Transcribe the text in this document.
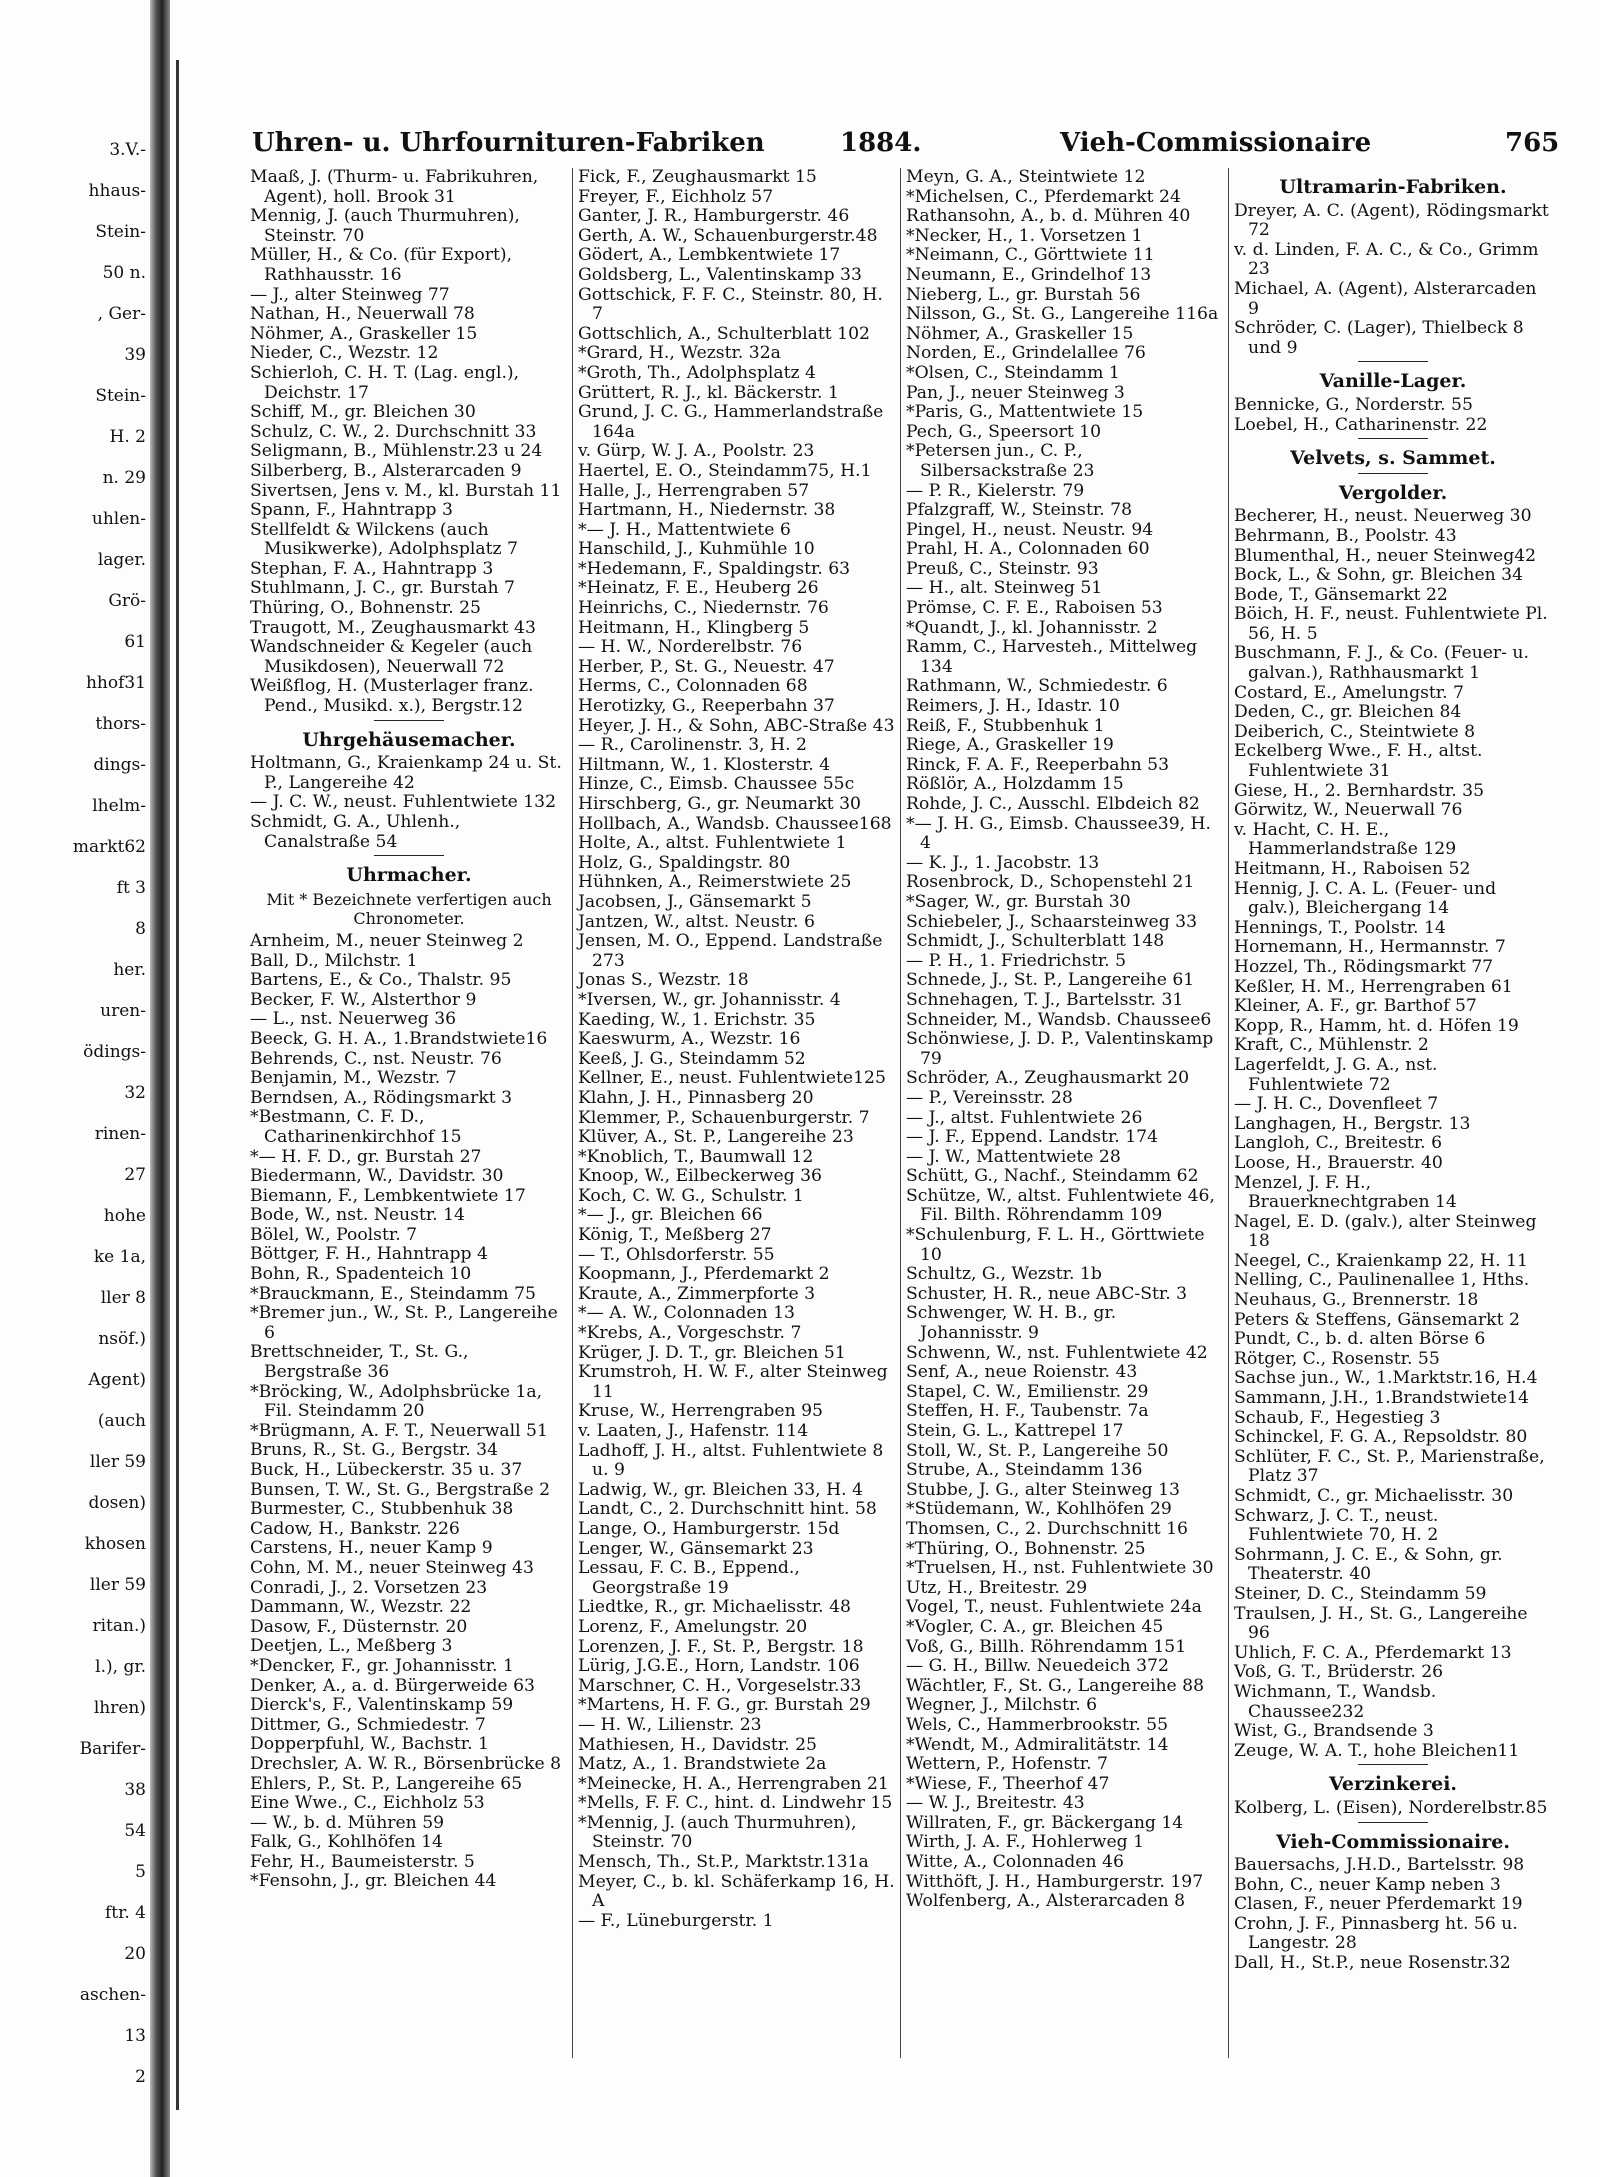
3.V.-
hhaus-
Stein-
50 n.
, Ger-
39
Stein-
H. 2
n. 29
uhlen-
lager.
Grö-
61
hhof31
thors-
dings-
lhelm-
markt62
ft 3
8
her.
uren-
ödings-
32
rinen-
27
hohe
ke 1a,
ller 8
nsöf.)
Agent)
(auch
ller 59
dosen)
khosen
ller 59
ritan.)
l.), gr.
lhren)
Barifer-
38
54
5
ftr. 4
20
aschen-
13
2
Uhren- u. Uhrfournituren-Fabriken	1884.	Vieh-Commissionaire	765
Maaß, J. (Thurm- u. Fabrikuhren, Agent), holl. Brook 31
Mennig, J. (auch Thurmuhren), Steinstr. 70
Müller, H., & Co. (für Export), Rathhausstr. 16
— J., alter Steinweg 77
Nathan, H., Neuerwall 78
Nöhmer, A., Graskeller 15
Nieder, C., Wezstr. 12
Schierloh, C. H. T. (Lag. engl.), Deichstr. 17
Schiff, M., gr. Bleichen 30
Schulz, C. W., 2. Durchschnitt 33
Seligmann, B., Mühlenstr.23 u 24
Silberberg, B., Alsterarcaden 9
Sivertsen, Jens v. M., kl. Burstah 11
Spann, F., Hahntrapp 3
Stellfeldt & Wilckens (auch Musikwerke), Adolphsplatz 7
Stephan, F. A., Hahntrapp 3
Stuhlmann, J. C., gr. Burstah 7
Thüring, O., Bohnenstr. 25
Traugott, M., Zeughausmarkt 43
Wandschneider & Kegeler (auch Musikdosen), Neuerwall 72
Weißflog, H. (Musterlager franz. Pend., Musikd. x.), Bergstr.12
Uhrgehäusemacher.
Holtmann, G., Kraienkamp 24 u. St. P., Langereihe 42
— J. C. W., neust. Fuhlentwiete 132
Schmidt, G. A., Uhlenh., Canalstraße 54
Uhrmacher.
Mit * Bezeichnete verfertigen auch Chronometer.
Arnheim, M., neuer Steinweg 2
Ball, D., Milchstr. 1
Bartens, E., & Co., Thalstr. 95
Becker, F. W., Alsterthor 9
— L., nst. Neuerweg 36
Beeck, G. H. A., 1.Brandstwiete16
Behrends, C., nst. Neustr. 76
Benjamin, M., Wezstr. 7
Berndsen, A., Rödingsmarkt 3
*Bestmann, C. F. D., Catharinenkirchhof 15
*— H. F. D., gr. Burstah 27
Biedermann, W., Davidstr. 30
Biemann, F., Lembkentwiete 17
Bode, W., nst. Neustr. 14
Bölel, W., Poolstr. 7
Böttger, F. H., Hahntrapp 4
Bohn, R., Spadenteich 10
*Brauckmann, E., Steindamm 75
*Bremer jun., W., St. P., Langereihe 6
Brettschneider, T., St. G., Bergstraße 36
*Bröcking, W., Adolphsbrücke 1a, Fil. Steindamm 20
*Brügmann, A. F. T., Neuerwall 51
Bruns, R., St. G., Bergstr. 34
Buck, H., Lübeckerstr. 35 u. 37
Bunsen, T. W., St. G., Bergstraße 2
Burmester, C., Stubbenhuk 38
Cadow, H., Bankstr. 226
Carstens, H., neuer Kamp 9
Cohn, M. M., neuer Steinweg 43
Conradi, J., 2. Vorsetzen 23
Dammann, W., Wezstr. 22
Dasow, F., Düsternstr. 20
Deetjen, L., Meßberg 3
*Dencker, F., gr. Johannisstr. 1
Denker, A., a. d. Bürgerweide 63
Dierck's, F., Valentinskamp 59
Dittmer, G., Schmiedestr. 7
Dopperpfuhl, W., Bachstr. 1
Drechsler, A. W. R., Börsenbrücke 8
Ehlers, P., St. P., Langereihe 65
Eine Wwe., C., Eichholz 53
— W., b. d. Mühren 59
Falk, G., Kohlhöfen 14
Fehr, H., Baumeisterstr. 5
*Fensohn, J., gr. Bleichen 44
Fick, F., Zeughausmarkt 15
Freyer, F., Eichholz 57
Ganter, J. R., Hamburgerstr. 46
Gerth, A. W., Schauenburgerstr.48
Gödert, A., Lembkentwiete 17
Goldsberg, L., Valentinskamp 33
Gottschick, F. F. C., Steinstr. 80, H. 7
Gottschlich, A., Schulterblatt 102
*Grard, H., Wezstr. 32a
*Groth, Th., Adolphsplatz 4
Grüttert, R. J., kl. Bäckerstr. 1
Grund, J. C. G., Hammerlandstraße 164a
v. Gürp, W. J. A., Poolstr. 23
Haertel, E. O., Steindamm75, H.1
Halle, J., Herrengraben 57
Hartmann, H., Niedernstr. 38
*— J. H., Mattentwiete 6
Hanschild, J., Kuhmühle 10
*Hedemann, F., Spaldingstr. 63
*Heinatz, F. E., Heuberg 26
Heinrichs, C., Niedernstr. 76
Heitmann, H., Klingberg 5
— H. W., Norderelbstr. 76
Herber, P., St. G., Neuestr. 47
Herms, C., Colonnaden 68
Herotizky, G., Reeperbahn 37
Heyer, J. H., & Sohn, ABC-Straße 43
— R., Carolinenstr. 3, H. 2
Hiltmann, W., 1. Klosterstr. 4
Hinze, C., Eimsb. Chaussee 55c
Hirschberg, G., gr. Neumarkt 30
Hollbach, A., Wandsb. Chaussee168
Holte, A., altst. Fuhlentwiete 1
Holz, G., Spaldingstr. 80
Hühnken, A., Reimerstwiete 25
Jacobsen, J., Gänsemarkt 5
Jantzen, W., altst. Neustr. 6
Jensen, M. O., Eppend. Landstraße 273
Jonas S., Wezstr. 18
*Iversen, W., gr. Johannisstr. 4
Kaeding, W., 1. Erichstr. 35
Kaeswurm, A., Wezstr. 16
Keeß, J. G., Steindamm 52
Kellner, E., neust. Fuhlentwiete125
Klahn, J. H., Pinnasberg 20
Klemmer, P., Schauenburgerstr. 7
Klüver, A., St. P., Langereihe 23
*Knoblich, T., Baumwall 12
Knoop, W., Eilbeckerweg 36
Koch, C. W. G., Schulstr. 1
*— J., gr. Bleichen 66
König, T., Meßberg 27
— T., Ohlsdorferstr. 55
Koopmann, J., Pferdemarkt 2
Kraute, A., Zimmerpforte 3
*— A. W., Colonnaden 13
*Krebs, A., Vorgeschstr. 7
Krüger, J. D. T., gr. Bleichen 51
Krumstroh, H. W. F., alter Steinweg 11
Kruse, W., Herrengraben 95
v. Laaten, J., Hafenstr. 114
Ladhoff, J. H., altst. Fuhlentwiete 8 u. 9
Ladwig, W., gr. Bleichen 33, H. 4
Landt, C., 2. Durchschnitt hint. 58
Lange, O., Hamburgerstr. 15d
Lenger, W., Gänsemarkt 23
Lessau, F. C. B., Eppend., Georgstraße 19
Liedtke, R., gr. Michaelisstr. 48
Lorenz, F., Amelungstr. 20
Lorenzen, J. F., St. P., Bergstr. 18
Lürig, J.G.E., Horn, Landstr. 106
Marschner, C. H., Vorgeselstr.33
*Martens, H. F. G., gr. Burstah 29
— H. W., Lilienstr. 23
Mathiesen, H., Davidstr. 25
Matz, A., 1. Brandstwiete 2a
*Meinecke, H. A., Herrengraben 21
*Mells, F. F. C., hint. d. Lindwehr 15
*Mennig, J. (auch Thurmuhren), Steinstr. 70
Mensch, Th., St.P., Marktstr.131a
Meyer, C., b. kl. Schäferkamp 16, H. A
— F., Lüneburgerstr. 1
Meyn, G. A., Steintwiete 12
*Michelsen, C., Pferdemarkt 24
Rathansohn, A., b. d. Mühren 40
*Necker, H., 1. Vorsetzen 1
*Neimann, C., Görttwiete 11
Neumann, E., Grindelhof 13
Nieberg, L., gr. Burstah 56
Nilsson, G., St. G., Langereihe 116a
Nöhmer, A., Graskeller 15
Norden, E., Grindelallee 76
*Olsen, C., Steindamm 1
Pan, J., neuer Steinweg 3
*Paris, G., Mattentwiete 15
Pech, G., Speersort 10
*Petersen jun., C. P., Silbersackstraße 23
— P. R., Kielerstr. 79
Pfalzgraff, W., Steinstr. 78
Pingel, H., neust. Neustr. 94
Prahl, H. A., Colonnaden 60
Preuß, C., Steinstr. 93
— H., alt. Steinweg 51
Prömse, C. F. E., Raboisen 53
*Quandt, J., kl. Johannisstr. 2
Ramm, C., Harvesteh., Mittelweg 134
Rathmann, W., Schmiedestr. 6
Reimers, J. H., Idastr. 10
Reiß, F., Stubbenhuk 1
Riege, A., Graskeller 19
Rinck, F. A. F., Reeperbahn 53
Rößlör, A., Holzdamm 15
Rohde, J. C., Ausschl. Elbdeich 82
*— J. H. G., Eimsb. Chaussee39, H. 4
— K. J., 1. Jacobstr. 13
Rosenbrock, D., Schopenstehl 21
*Sager, W., gr. Burstah 30
Schiebeler, J., Schaarsteinweg 33
Schmidt, J., Schulterblatt 148
— P. H., 1. Friedrichstr. 5
Schnede, J., St. P., Langereihe 61
Schnehagen, T. J., Bartelsstr. 31
Schneider, M., Wandsb. Chaussee6
Schönwiese, J. D. P., Valentinskamp 79
Schröder, A., Zeughausmarkt 20
— P., Vereinsstr. 28
— J., altst. Fuhlentwiete 26
— J. F., Eppend. Landstr. 174
— J. W., Mattentwiete 28
Schütt, G., Nachf., Steindamm 62
Schütze, W., altst. Fuhlentwiete 46, Fil. Bilth. Röhrendamm 109
*Schulenburg, F. L. H., Görttwiete 10
Schultz, G., Wezstr. 1b
Schuster, H. R., neue ABC-Str. 3
Schwenger, W. H. B., gr. Johannisstr. 9
Schwenn, W., nst. Fuhlentwiete 42
Senf, A., neue Roienstr. 43
Stapel, C. W., Emilienstr. 29
Steffen, H. F., Taubenstr. 7a
Stein, G. L., Kattrepel 17
Stoll, W., St. P., Langereihe 50
Strube, A., Steindamm 136
Stubbe, J. G., alter Steinweg 13
*Stüdemann, W., Kohlhöfen 29
Thomsen, C., 2. Durchschnitt 16
*Thüring, O., Bohnenstr. 25
*Truelsen, H., nst. Fuhlentwiete 30
Utz, H., Breitestr. 29
Vogel, T., neust. Fuhlentwiete 24a
*Vogler, C. A., gr. Bleichen 45
Voß, G., Billh. Röhrendamm 151
— G. H., Billw. Neuedeich 372
Wächtler, F., St. G., Langereihe 88
Wegner, J., Milchstr. 6
Wels, C., Hammerbrookstr. 55
*Wendt, M., Admiralitätstr. 14
Wettern, P., Hofenstr. 7
*Wiese, F., Theerhof 47
— W. J., Breitestr. 43
Willraten, F., gr. Bäckergang 14
Wirth, J. A. F., Hohlerweg 1
Witte, A., Colonnaden 46
Witthöft, J. H., Hamburgerstr. 197
Wolfenberg, A., Alsterarcaden 8
Ultramarin-Fabriken.
Dreyer, A. C. (Agent), Rödingsmarkt 72
v. d. Linden, F. A. C., & Co., Grimm 23
Michael, A. (Agent), Alsterarcaden 9
Schröder, C. (Lager), Thielbeck 8 und 9
Vanille-Lager.
Bennicke, G., Norderstr. 55
Loebel, H., Catharinenstr. 22
Velvets, s. Sammet.
Vergolder.
Becherer, H., neust. Neuerweg 30
Behrmann, B., Poolstr. 43
Blumenthal, H., neuer Steinweg42
Bock, L., & Sohn, gr. Bleichen 34
Bode, T., Gänsemarkt 22
Böich, H. F., neust. Fuhlentwiete Pl. 56, H. 5
Buschmann, F. J., & Co. (Feuer- u. galvan.), Rathhausmarkt 1
Costard, E., Amelungstr. 7
Deden, C., gr. Bleichen 84
Deiberich, C., Steintwiete 8
Eckelberg Wwe., F. H., altst. Fuhlentwiete 31
Giese, H., 2. Bernhardstr. 35
Görwitz, W., Neuerwall 76
v. Hacht, C. H. E., Hammerlandstraße 129
Heitmann, H., Raboisen 52
Hennig, J. C. A. L. (Feuer- und galv.), Bleichergang 14
Hennings, T., Poolstr. 14
Hornemann, H., Hermannstr. 7
Hozzel, Th., Rödingsmarkt 77
Keßler, H. M., Herrengraben 61
Kleiner, A. F., gr. Barthof 57
Kopp, R., Hamm, ht. d. Höfen 19
Kraft, C., Mühlenstr. 2
Lagerfeldt, J. G. A., nst. Fuhlentwiete 72
— J. H. C., Dovenfleet 7
Langhagen, H., Bergstr. 13
Langloh, C., Breitestr. 6
Loose, H., Brauerstr. 40
Menzel, J. F. H., Brauerknechtgraben 14
Nagel, E. D. (galv.), alter Steinweg 18
Neegel, C., Kraienkamp 22, H. 11
Nelling, C., Paulinenallee 1, Hths.
Neuhaus, G., Brennerstr. 18
Peters & Steffens, Gänsemarkt 2
Pundt, C., b. d. alten Börse 6
Rötger, C., Rosenstr. 55
Sachse jun., W., 1.Marktstr.16, H.4
Sammann, J.H., 1.Brandstwiete14
Schaub, F., Hegestieg 3
Schinckel, F. G. A., Repsoldstr. 80
Schlüter, F. C., St. P., Marienstraße, Platz 37
Schmidt, C., gr. Michaelisstr. 30
Schwarz, J. C. T., neust. Fuhlentwiete 70, H. 2
Sohrmann, J. C. E., & Sohn, gr. Theaterstr. 40
Steiner, D. C., Steindamm 59
Traulsen, J. H., St. G., Langereihe 96
Uhlich, F. C. A., Pferdemarkt 13
Voß, G. T., Brüderstr. 26
Wichmann, T., Wandsb. Chaussee232
Wist, G., Brandsende 3
Zeuge, W. A. T., hohe Bleichen11
Verzinkerei.
Kolberg, L. (Eisen), Norderelbstr.85
Vieh-Commissionaire.
Bauersachs, J.H.D., Bartelsstr. 98
Bohn, C., neuer Kamp neben 3
Clasen, F., neuer Pferdemarkt 19
Crohn, J. F., Pinnasberg ht. 56 u. Langestr. 28
Dall, H., St.P., neue Rosenstr.32
